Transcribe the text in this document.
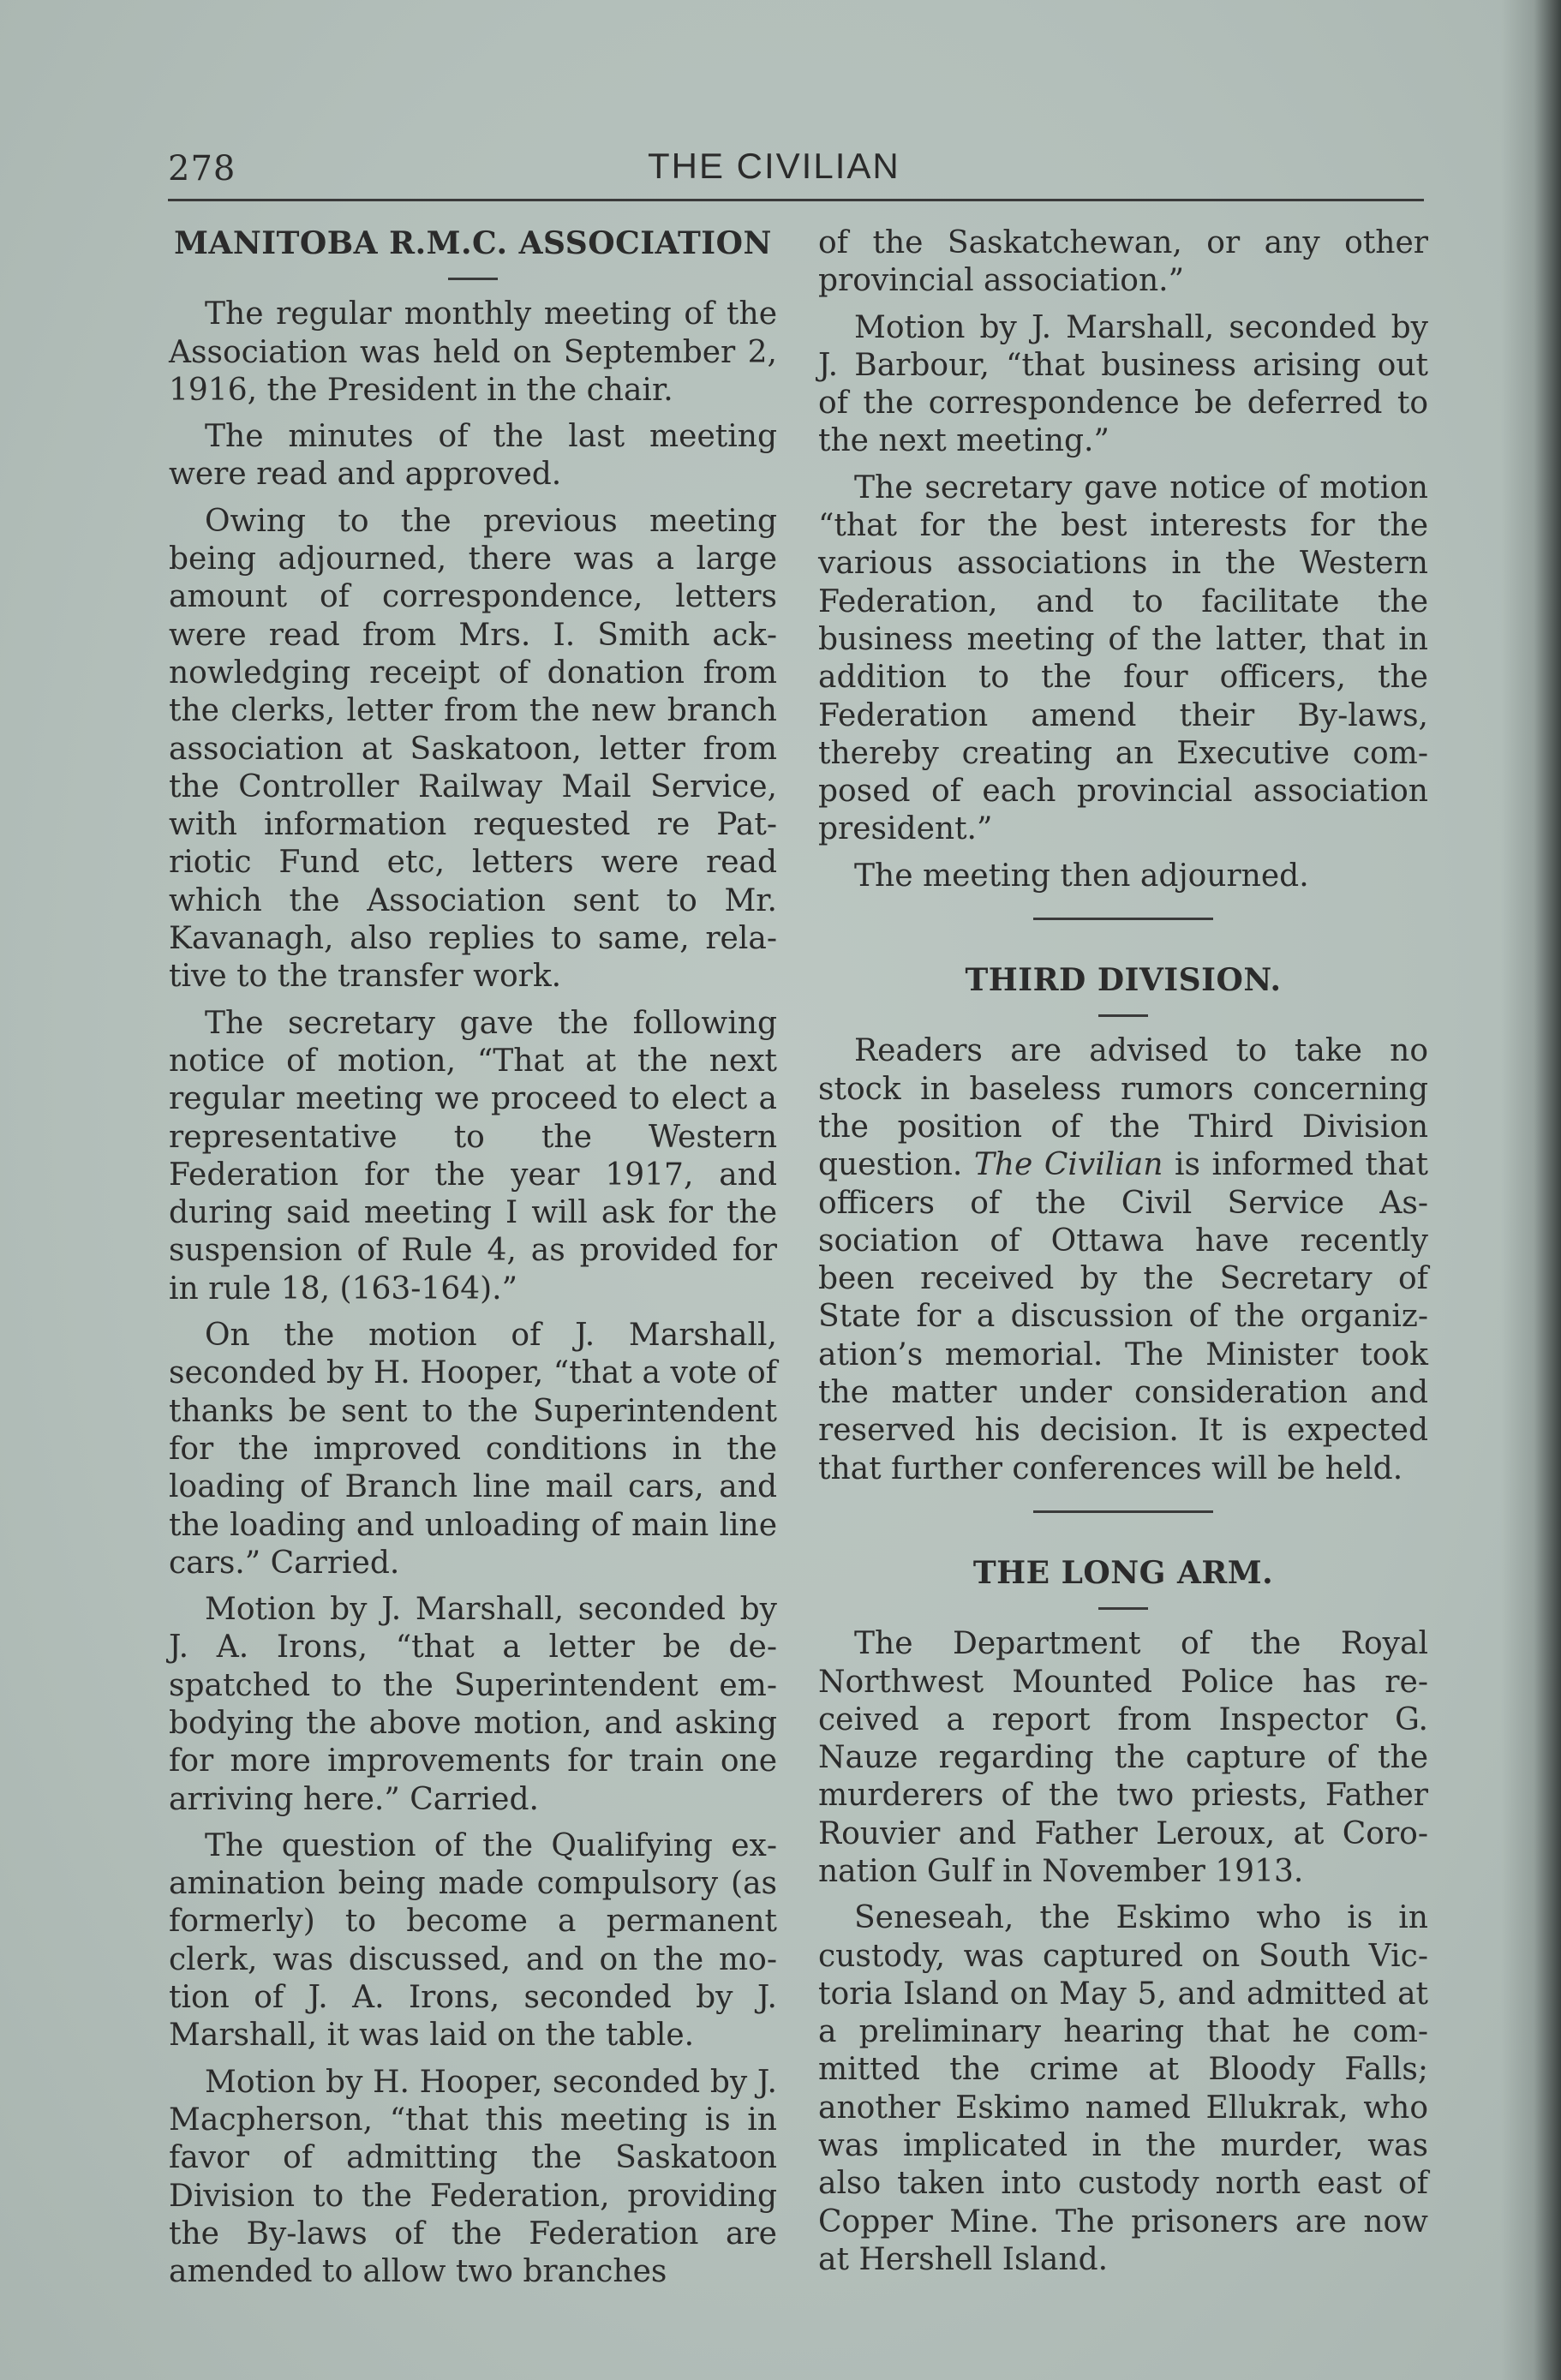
278	THE CIVILIAN
MANITOBA R.M.C. ASSOCIATION

The regular monthly meeting of the Association was held on September 2, 1916, the President in the chair.

The minutes of the last meeting were read and approved.

Owing to the previous meeting being adjourned, there was a large amount of correspondence, letters were read from Mrs. I. Smith acknowledging receipt of donation from the clerks, letter from the new branch association at Saskatoon, letter from the Controller Railway Mail Service, with information requested re Patriotic Fund etc, letters were read which the Association sent to Mr. Kavanagh, also replies to same, relative to the transfer work.

The secretary gave the following notice of motion, “That at the next regular meeting we proceed to elect a representative to the Western Federation for the year 1917, and during said meeting I will ask for the suspension of Rule 4, as provided for in rule 18, (163-164).”

On the motion of J. Marshall, seconded by H. Hooper, “that a vote of thanks be sent to the Superintendent for the improved conditions in the loading of Branch line mail cars, and the loading and unloading of main line cars.” Carried.

Motion by J. Marshall, seconded by J. A. Irons, “that a letter be despatched to the Superintendent embodying the above motion, and asking for more improvements for train one arriving here.” Carried.

The question of the Qualifying examination being made compulsory (as formerly) to become a permanent clerk, was discussed, and on the motion of J. A. Irons, seconded by J. Marshall, it was laid on the table.

Motion by H. Hooper, seconded by J. Macpherson, “that this meeting is in favor of admitting the Saskatoon Division to the Federation, providing the By-laws of the Federation are amended to allow two branches

of the Saskatchewan, or any other provincial association.”

Motion by J. Marshall, seconded by J. Barbour, “that business arising out of the correspondence be deferred to the next meeting.”

The secretary gave notice of motion “that for the best interests for the various associations in the Western Federation, and to facilitate the business meeting of the latter, that in addition to the four officers, the Federation amend their By-laws, thereby creating an Executive composed of each provincial association president.”

The meeting then adjourned.

THIRD DIVISION.

Readers are advised to take no stock in baseless rumors concerning the position of the Third Division question. The Civilian is informed that officers of the Civil Service Association of Ottawa have recently been received by the Secretary of State for a discussion of the organization’s memorial. The Minister took the matter under consideration and reserved his decision. It is expected that further conferences will be held.

THE LONG ARM.

The Department of the Royal Northwest Mounted Police has received a report from Inspector G. Nauze regarding the capture of the murderers of the two priests, Father Rouvier and Father Leroux, at Coronation Gulf in November 1913.

Seneseah, the Eskimo who is in custody, was captured on South Victoria Island on May 5, and admitted at a preliminary hearing that he committed the crime at Bloody Falls; another Eskimo named Ellukrak, who was implicated in the murder, was also taken into custody north east of Copper Mine. The prisoners are now at Hershell Island.
